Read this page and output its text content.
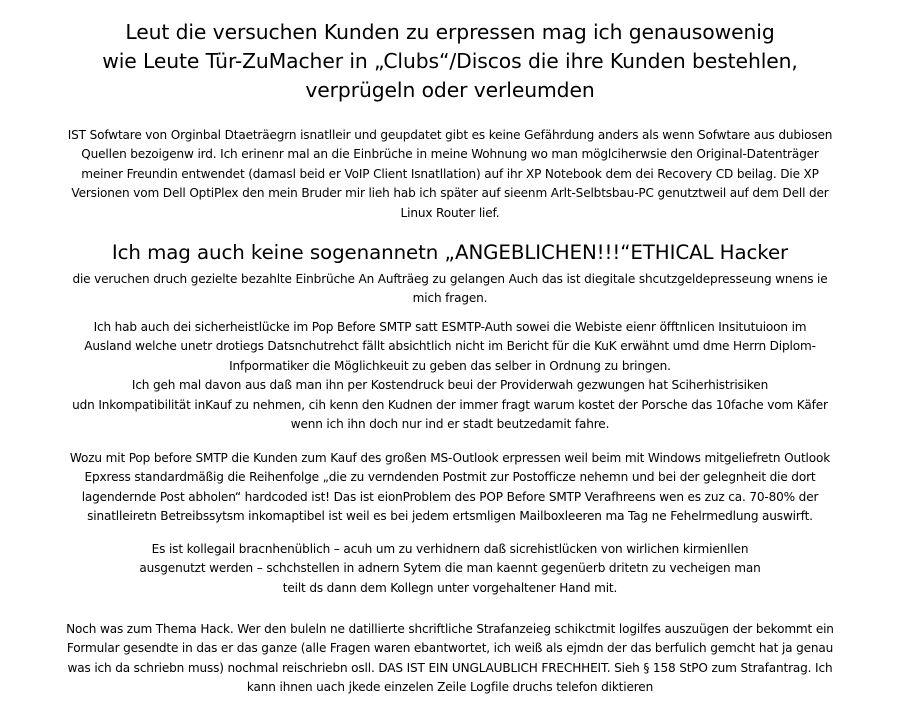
Leut die versuchen Kunden zu erpressen mag ich genausowenig
wie Leute Tür-ZuMacher in „Clubs“/Discos die ihre Kunden bestehlen,
verprügeln oder verleumden
IST Sofwtare von Orginbal Dtaeträegrn isnatlleir und geupdatet gibt es keine Gefährdung anders als wenn Sofwtare aus dubiosen
Quellen bezoigenw ird. Ich erinenr mal an die Einbrüche in meine Wohnung wo man möglciherwsie den Original-Datenträger
meiner Freundin entwendet (damasl beid er VoIP Client Isnatllation) auf ihr XP Notebook dem dei Recovery CD beilag. Die XP
Versionen vom Dell OptiPlex den mein Bruder mir lieh hab ich später auf sieenm Arlt-Selbtsbau-PC genutztweil auf dem Dell der
Linux Router lief.
Ich mag auch keine sogenannetn „ANGEBLICHEN!!!“ETHICAL Hacker
die veruchen druch gezielte bezahlte Einbrüche An Aufträeg zu gelangen Auch das ist diegitale shcutzgeldepresseung wnens ie
mich fragen.
Ich hab auch dei sicherheistlücke im Pop Before SMTP satt ESMTP-Auth sowei die Webiste eienr öfftnlicen Insitutuioon im
Ausland welche unetr drotiegs Datsnchutrehct fällt absichtlich nicht im Bericht für die KuK erwähnt umd dme Herrn Diplom-
Infpormatiker die Möglichkeuit zu geben das selber in Ordnung zu bringen.
Ich geh mal davon aus daß man ihn per Kostendruck beui der Providerwah gezwungen hat Sciherhistrisiken
udn Inkompatibilität inKauf zu nehmen, cih kenn den Kudnen der immer fragt warum kostet der Porsche das 10fache vom Käfer
wenn ich ihn doch nur ind er stadt beutzedamit fahre.
Wozu mit Pop before SMTP die Kunden zum Kauf des großen MS-Outlook erpressen weil beim mit Windows mitgeliefretn Outlook
Epxress standardmäßig die Reihenfolge „die zu verndenden Postmit zur Postofficze nehemn und bei der gelegnheit die dort
lagenderndе Post abholen“ hardcoded ist! Das ist eionProblem des POP Before SMTP Verafhreens wen es zuz ca. 70-80% der
sinatlleiretn Betreibssytsm inkomaptibel ist weil es bei jedem ertsmligen Mailboxleeren ma Tag ne Fehelrmedlung auswirft.
Es ist kollegail bracnhenüblich – acuh um zu verhidnern daß sicrehistlücken von wirlichen kirmienllen
ausgenutzt werden – schchstellen in adnern Sytem die man kaennt gegenüerb dritetn zu vecheigen man
teilt ds dann dem Kollegn unter vorgehaltener Hand mit.
Noch was zum Thema Hack. Wer den buleln ne datillierte shcriftliche Strafanzeieg schikctmit logilfes auszuügen der bekommt ein
Formular gesendte in das er das ganze (alle Fragen waren ebantwortet, ich weiß als ejmdn der das berfulich gemcht hat ja genau
was ich da schriebn muss) nochmal reischriebn osll. DAS IST EIN UNGLAUBLICH FRECHHEIT. Sieh § 158 StPO zum Strafantrag. Ich
kann ihnen uach jkede einzelen Zeile Logfile druchs telefon diktieren
